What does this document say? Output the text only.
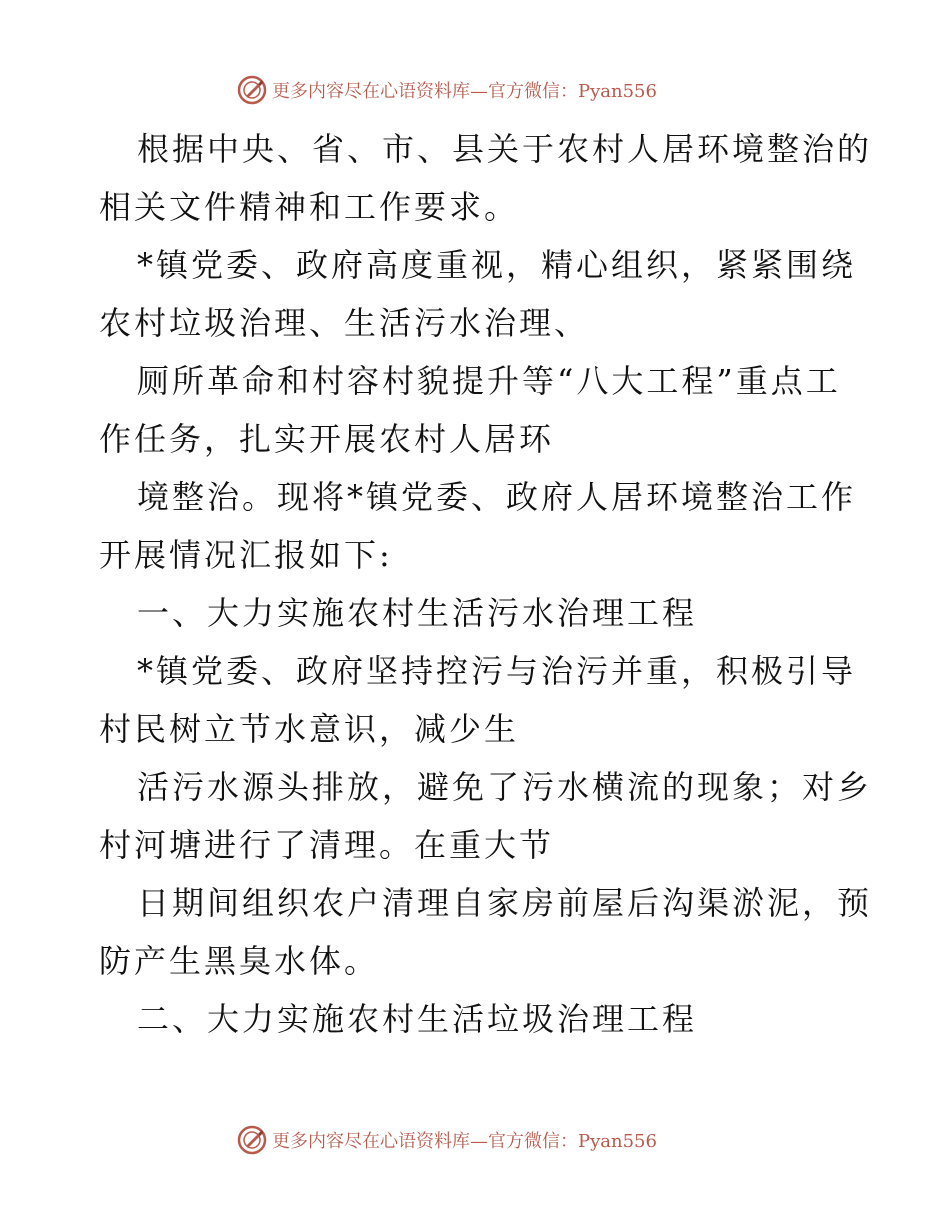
更多内容尽在心语资料库—官方微信：Pyan556
根据中央、省、市、县关于农村人居环境整治的
相关文件精神和工作要求。
*镇党委、政府高度重视，精心组织，紧紧围绕
农村垃圾治理、生活污水治理、
厕所革命和村容村貌提升等“八大工程”重点工
作任务，扎实开展农村人居环
境整治。现将*镇党委、政府人居环境整治工作
开展情况汇报如下:
一、大力实施农村生活污水治理工程
*镇党委、政府坚持控污与治污并重，积极引导
村民树立节水意识，减少生
活污水源头排放，避免了污水横流的现象；对乡
村河塘进行了清理。在重大节
日期间组织农户清理自家房前屋后沟渠淤泥，预
防产生黑臭水体。
二、大力实施农村生活垃圾治理工程
更多内容尽在心语资料库—官方微信：Pyan556
